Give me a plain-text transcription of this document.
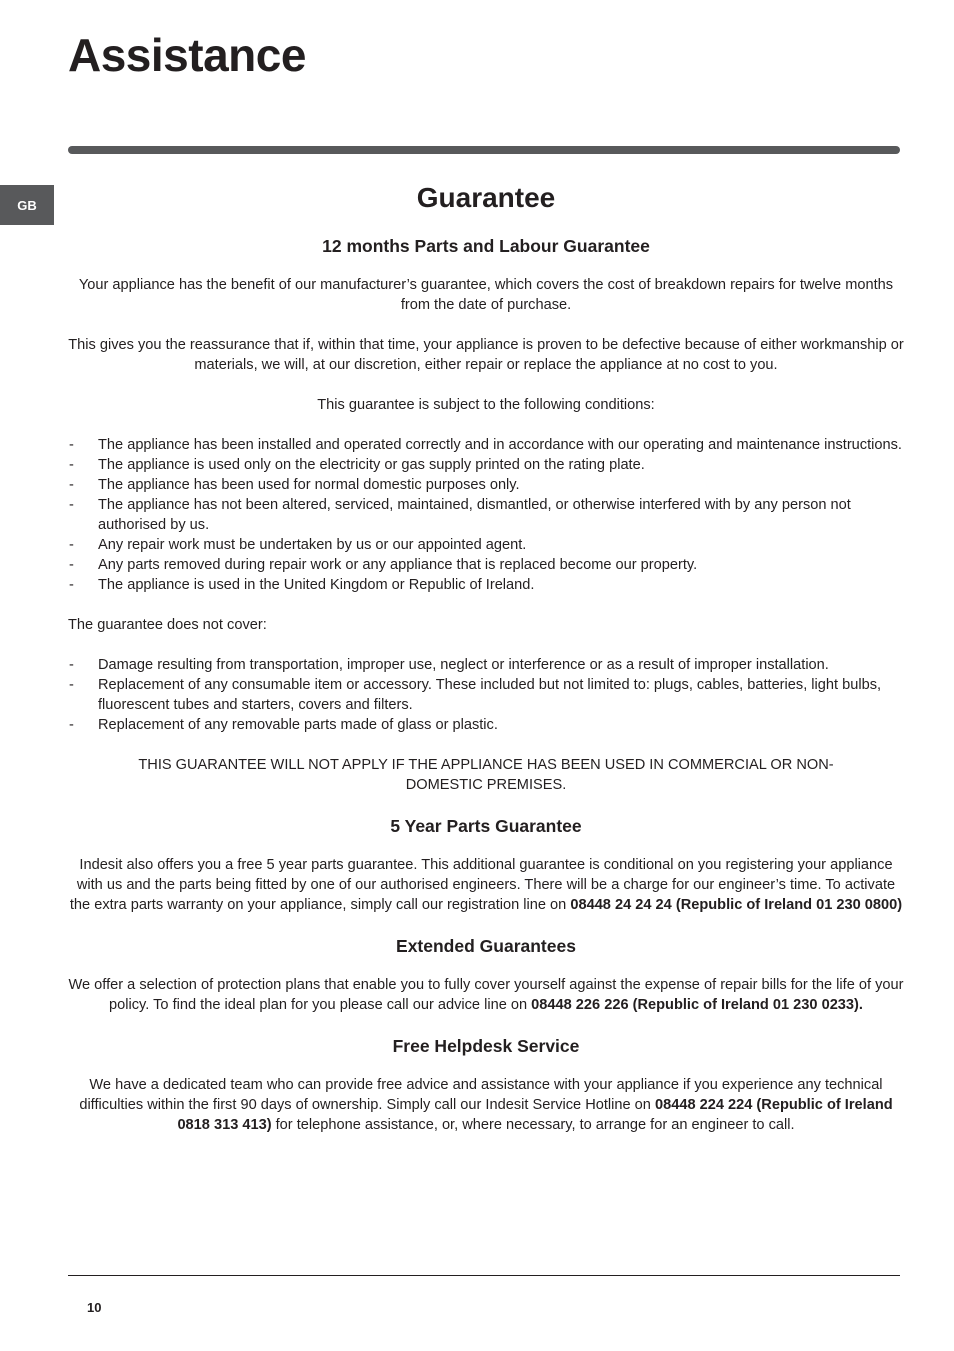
Assistance
GB	Guarantee
12 months Parts and Labour Guarantee

Your appliance has the benefit of our manufacturer’s guarantee, which covers the cost of breakdown repairs for twelve months from the date of purchase.

This gives you the reassurance that if, within that time, your appliance is proven to be defective because of either workmanship or materials, we will, at our discretion, either repair or replace the appliance at no cost to you.

This guarantee is subject to the following conditions:

- The appliance has been installed and operated correctly and in accordance with our operating and maintenance instructions.
- The appliance is used only on the electricity or gas supply printed on the rating plate.
- The appliance has been used for normal domestic purposes only.
- The appliance has not been altered, serviced, maintained, dismantled, or otherwise interfered with by any person not authorised by us.
- Any repair work must be undertaken by us or our appointed agent.
- Any parts removed during repair work or any appliance that is replaced become our property.
- The appliance is used in the United Kingdom or Republic of Ireland.

The guarantee does not cover:

- Damage resulting from transportation, improper use, neglect or interference or as a result of improper installation.
- Replacement of any consumable item or accessory. These included but not limited to: plugs, cables, batteries, light bulbs, fluorescent tubes and starters, covers and filters.
- Replacement of any removable parts made of glass or plastic.

THIS GUARANTEE WILL NOT APPLY IF THE APPLIANCE HAS BEEN USED IN COMMERCIAL OR NON-DOMESTIC PREMISES.

5 Year Parts Guarantee

Indesit also offers you a free 5 year parts guarantee. This additional guarantee is conditional on you registering your appliance with us and the parts being fitted by one of our authorised engineers. There will be a charge for our engineer’s time. To activate the extra parts warranty on your appliance, simply call our registration line on 08448 24 24 24 (Republic of Ireland 01 230 0800)

Extended Guarantees

We offer a selection of protection plans that enable you to fully cover yourself against the expense of repair bills for the life of your policy. To find the ideal plan for you please call our advice line on 08448 226 226 (Republic of Ireland 01 230 0233).

Free Helpdesk Service

We have a dedicated team who can provide free advice and assistance with your appliance if you experience any technical difficulties within the first 90 days of ownership. Simply call our Indesit Service Hotline on 08448 224 224 (Republic of Ireland 0818 313 413) for telephone assistance, or, where necessary, to arrange for an engineer to call.

10
